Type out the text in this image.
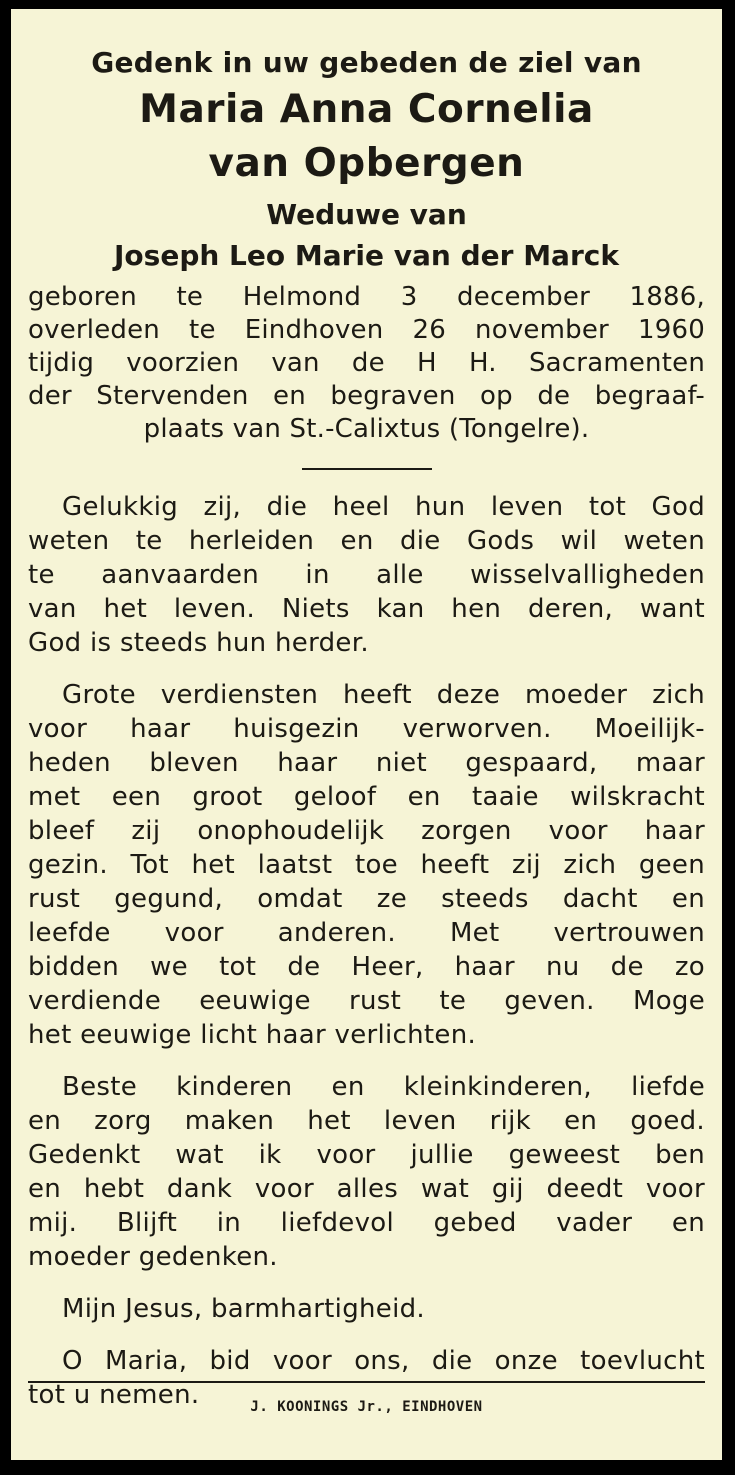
Gedenk in uw gebeden de ziel van
Maria Anna Cornelia
van Opbergen
Weduwe van
Joseph Leo Marie van der Marck
geboren te Helmond 3 december 1886,
overleden te Eindhoven 26 november 1960
tijdig voorzien van de H H. Sacramenten
der Stervenden en begraven op de begraaf-
plaats van St.-Calixtus (Tongelre).
Gelukkig zij, die heel hun leven tot God
weten te herleiden en die Gods wil weten
te aanvaarden in alle wisselvalligheden
van het leven. Niets kan hen deren, want
God is steeds hun herder.
Grote verdiensten heeft deze moeder zich
voor haar huisgezin verworven. Moeilijk-
heden bleven haar niet gespaard, maar
met een groot geloof en taaie wilskracht
bleef zij onophoudelijk zorgen voor haar
gezin. Tot het laatst toe heeft zij zich geen
rust gegund, omdat ze steeds dacht en
leefde voor anderen. Met vertrouwen
bidden we tot de Heer, haar nu de zo
verdiende eeuwige rust te geven. Moge
het eeuwige licht haar verlichten.
Beste kinderen en kleinkinderen, liefde
en zorg maken het leven rijk en goed.
Gedenkt wat ik voor jullie geweest ben
en hebt dank voor alles wat gij deedt voor
mij. Blijft in liefdevol gebed vader en
moeder gedenken.
Mijn Jesus, barmhartigheid.
O Maria, bid voor ons, die onze toevlucht
tot u nemen.	J. KOONINGS Jr., EINDHOVEN
